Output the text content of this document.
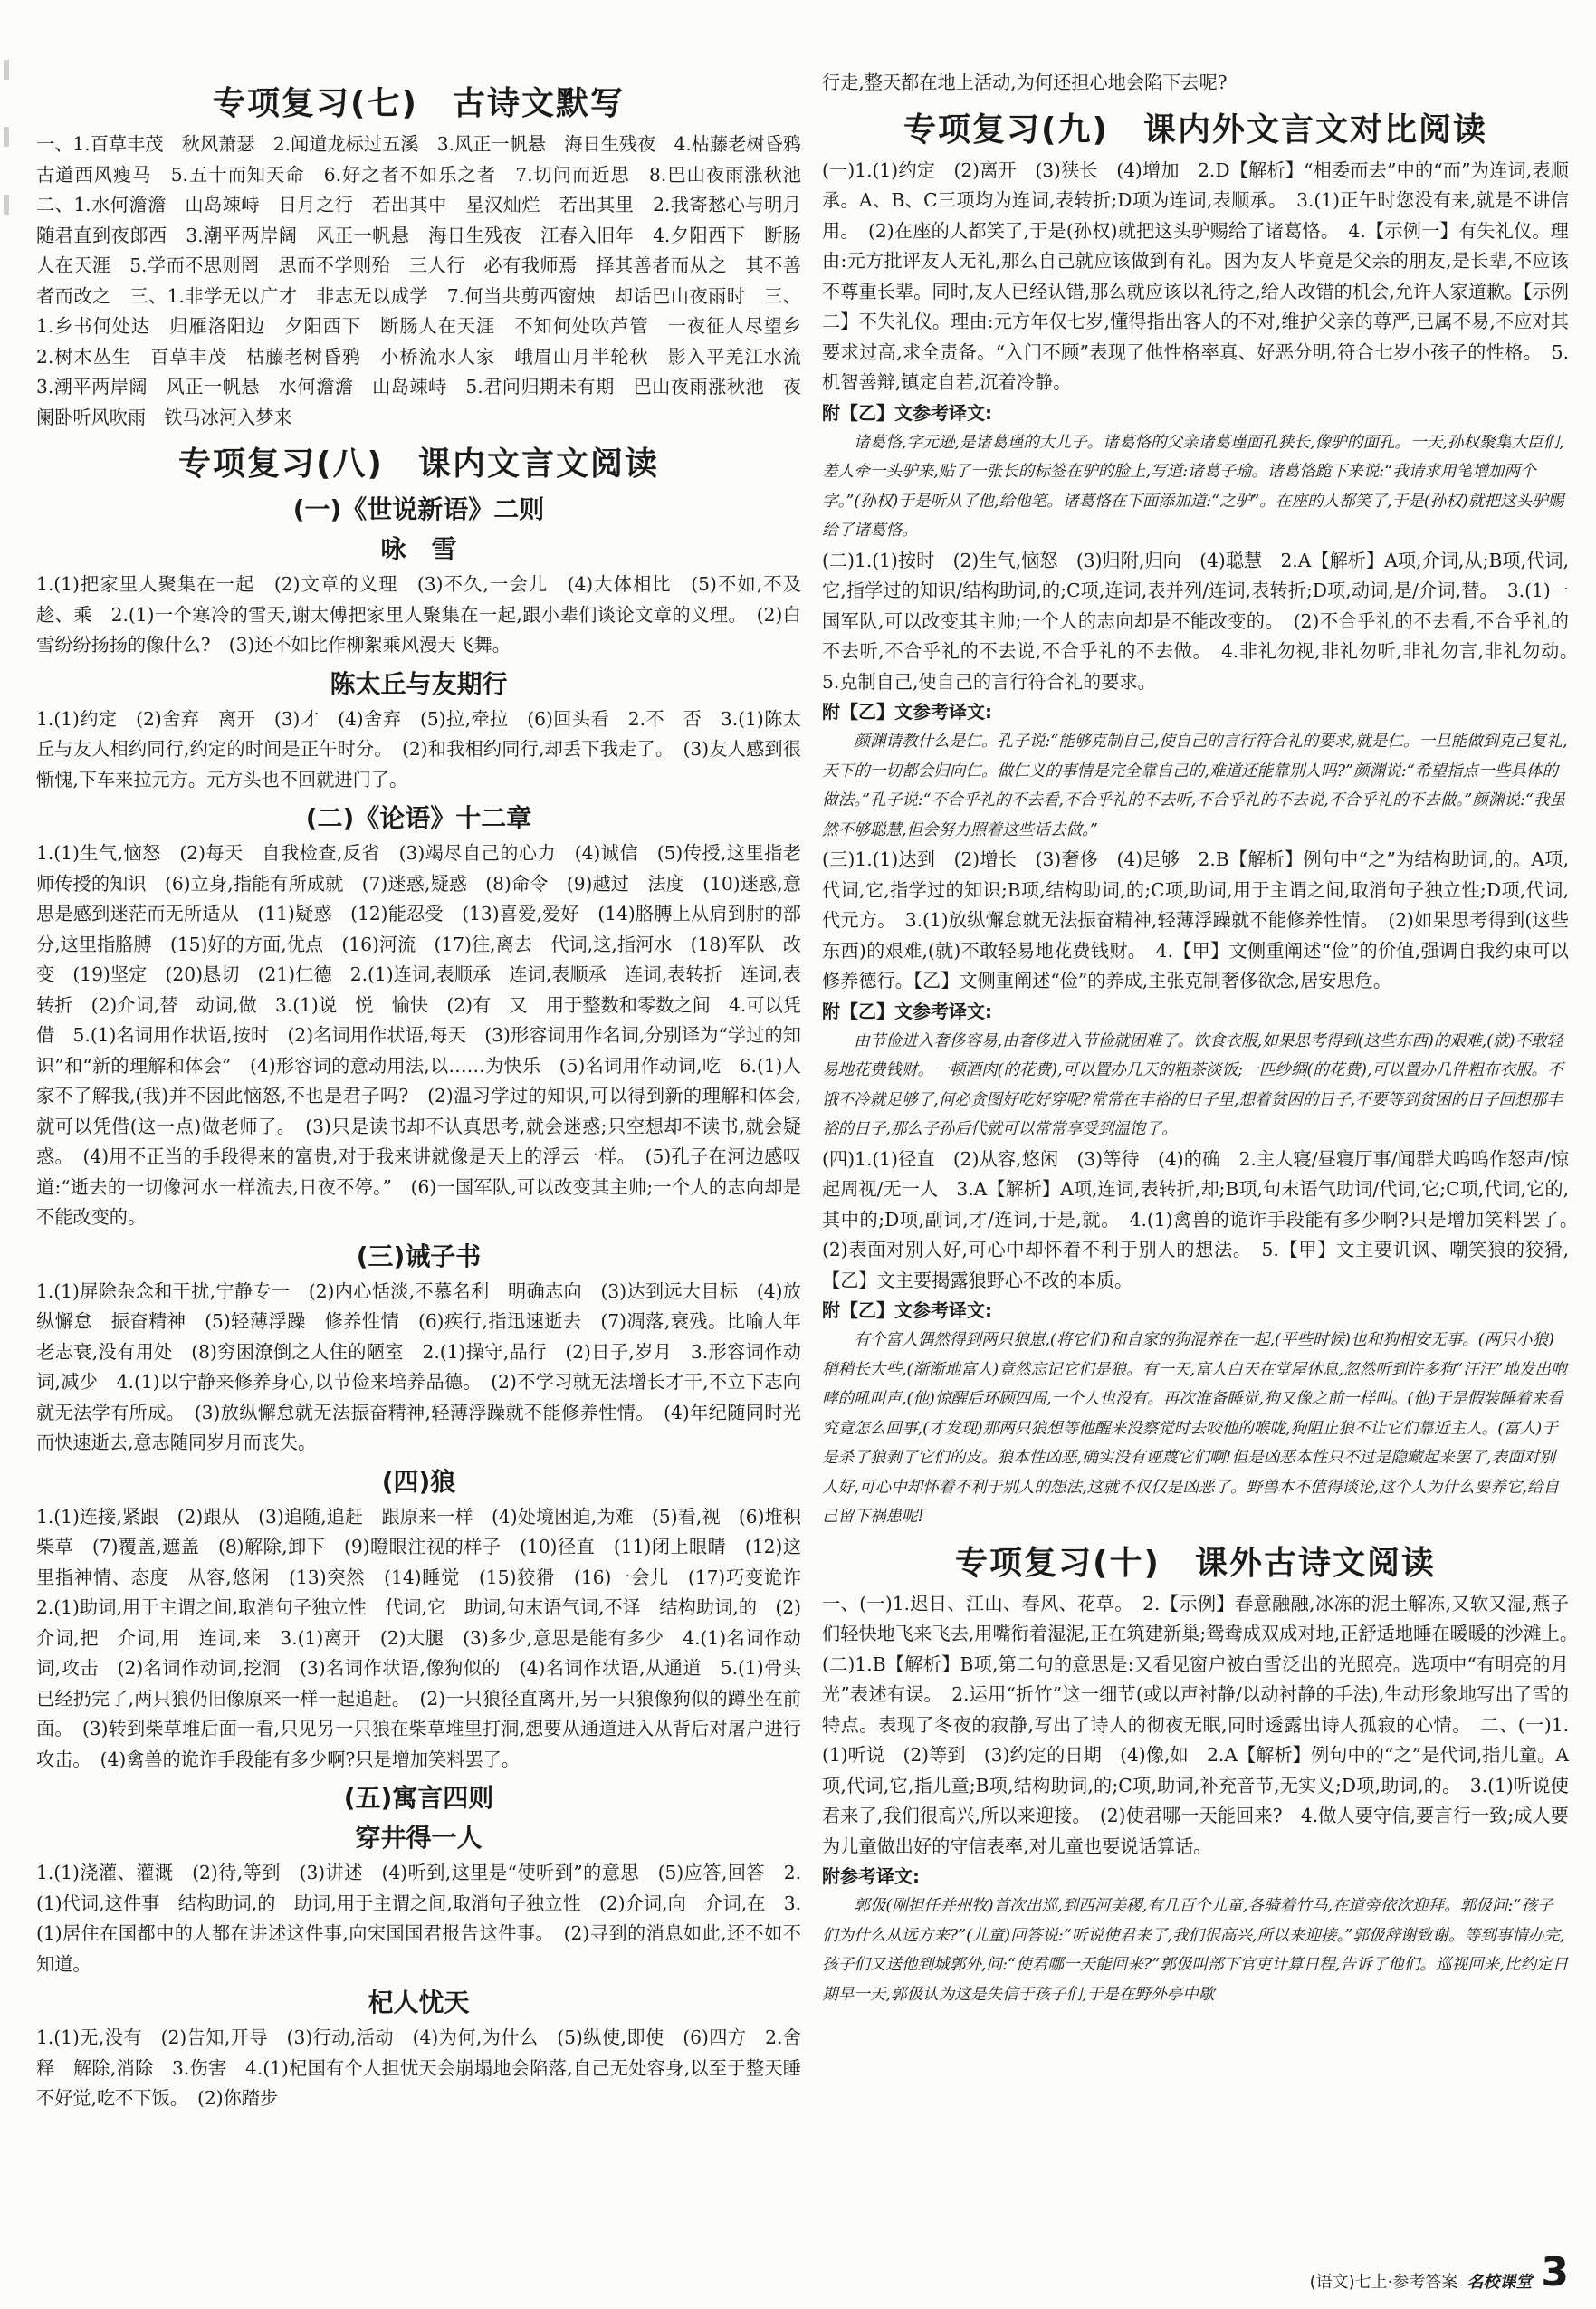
专项复习(七)　古诗文默写

一、1.百草丰茂　秋风萧瑟　2.闻道龙标过五溪　3.风正一帆悬　海日生残夜　4.枯藤老树昏鸦　古道西风瘦马　5.五十而知天命　6.好之者不如乐之者　7.切问而近思　8.巴山夜雨涨秋池　二、1.水何澹澹　山岛竦峙　日月之行　若出其中　星汉灿烂　若出其里　2.我寄愁心与明月　随君直到夜郎西　3.潮平两岸阔　风正一帆悬　海日生残夜　江春入旧年　4.夕阳西下　断肠人在天涯　5.学而不思则罔　思而不学则殆　三人行　必有我师焉　择其善者而从之　其不善者而改之　三、1.非学无以广才　非志无以成学　7.何当共剪西窗烛　却话巴山夜雨时　三、1.乡书何处达　归雁洛阳边　夕阳西下　断肠人在天涯　不知何处吹芦管　一夜征人尽望乡　2.树木丛生　百草丰茂　枯藤老树昏鸦　小桥流水人家　峨眉山月半轮秋　影入平羌江水流　3.潮平两岸阔　风正一帆悬　水何澹澹　山岛竦峙　5.君问归期未有期　巴山夜雨涨秋池　夜阑卧听风吹雨　铁马冰河入梦来

专项复习(八)　课内文言文阅读
(一)《世说新语》二则
咏　雪

1.(1)把家里人聚集在一起　(2)文章的义理　(3)不久,一会儿　(4)大体相比　(5)不如,不及　趁、乘　2.(1)一个寒冷的雪天,谢太傅把家里人聚集在一起,跟小辈们谈论文章的义理。　(2)白雪纷纷扬扬的像什么?　(3)还不如比作柳絮乘风漫天飞舞。

陈太丘与友期行

1.(1)约定　(2)舍弃　离开　(3)才　(4)舍弃　(5)拉,牵拉　(6)回头看　2.不　否　3.(1)陈太丘与友人相约同行,约定的时间是正午时分。　(2)和我相约同行,却丢下我走了。　(3)友人感到很惭愧,下车来拉元方。元方头也不回就进门了。

(二)《论语》十二章

1.(1)生气,恼怒　(2)每天　自我检查,反省　(3)竭尽自己的心力　(4)诚信　(5)传授,这里指老师传授的知识　(6)立身,指能有所成就　(7)迷惑,疑惑　(8)命令　(9)越过　法度　(10)迷惑,意思是感到迷茫而无所适从　(11)疑惑　(12)能忍受　(13)喜爱,爱好　(14)胳膊上从肩到肘的部分,这里指胳膊　(15)好的方面,优点　(16)河流　(17)往,离去　代词,这,指河水　(18)军队　改变　(19)坚定　(20)恳切　(21)仁德　2.(1)连词,表顺承　连词,表顺承　连词,表转折　连词,表转折　(2)介词,替　动词,做　3.(1)说　悦　愉快　(2)有　又　用于整数和零数之间　4.可以凭借　5.(1)名词用作状语,按时　(2)名词用作状语,每天　(3)形容词用作名词,分别译为“学过的知识”和“新的理解和体会”　(4)形容词的意动用法,以……为快乐　(5)名词用作动词,吃　6.(1)人家不了解我,(我)并不因此恼怒,不也是君子吗?　(2)温习学过的知识,可以得到新的理解和体会,就可以凭借(这一点)做老师了。　(3)只是读书却不认真思考,就会迷惑;只空想却不读书,就会疑惑。　(4)用不正当的手段得来的富贵,对于我来讲就像是天上的浮云一样。　(5)孔子在河边感叹道:“逝去的一切像河水一样流去,日夜不停。”　(6)一国军队,可以改变其主帅;一个人的志向却是不能改变的。

(三)诫子书

1.(1)屏除杂念和干扰,宁静专一　(2)内心恬淡,不慕名利　明确志向　(3)达到远大目标　(4)放纵懈怠　振奋精神　(5)轻薄浮躁　修养性情　(6)疾行,指迅速逝去　(7)凋落,衰残。比喻人年老志衰,没有用处　(8)穷困潦倒之人住的陋室　2.(1)操守,品行　(2)日子,岁月　3.形容词作动词,减少　4.(1)以宁静来修养身心,以节俭来培养品德。　(2)不学习就无法增长才干,不立下志向就无法学有所成。　(3)放纵懈怠就无法振奋精神,轻薄浮躁就不能修养性情。　(4)年纪随同时光而快速逝去,意志随同岁月而丧失。

(四)狼

1.(1)连接,紧跟　(2)跟从　(3)追随,追赶　跟原来一样　(4)处境困迫,为难　(5)看,视　(6)堆积柴草　(7)覆盖,遮盖　(8)解除,卸下　(9)瞪眼注视的样子　(10)径直　(11)闭上眼睛　(12)这里指神情、态度　从容,悠闲　(13)突然　(14)睡觉　(15)狡猾　(16)一会儿　(17)巧变诡诈　2.(1)助词,用于主谓之间,取消句子独立性　代词,它　助词,句末语气词,不译　结构助词,的　(2)介词,把　介词,用　连词,来　3.(1)离开　(2)大腿　(3)多少,意思是能有多少　4.(1)名词作动词,攻击　(2)名词作动词,挖洞　(3)名词作状语,像狗似的　(4)名词作状语,从通道　5.(1)骨头已经扔完了,两只狼仍旧像原来一样一起追赶。　(2)一只狼径直离开,另一只狼像狗似的蹲坐在前面。　(3)转到柴草堆后面一看,只见另一只狼在柴草堆里打洞,想要从通道进入从背后对屠户进行攻击。　(4)禽兽的诡诈手段能有多少啊?只是增加笑料罢了。

(五)寓言四则
穿井得一人

1.(1)浇灌、灌溉　(2)待,等到　(3)讲述　(4)听到,这里是“使听到”的意思　(5)应答,回答　2.(1)代词,这件事　结构助词,的　助词,用于主谓之间,取消句子独立性　(2)介词,向　介词,在　3.(1)居住在国都中的人都在讲述这件事,向宋国国君报告这件事。　(2)寻到的消息如此,还不如不知道。

杞人忧天

1.(1)无,没有　(2)告知,开导　(3)行动,活动　(4)为何,为什么　(5)纵使,即使　(6)四方　2.舍　释　解除,消除　3.伤害　4.(1)杞国有个人担忧天会崩塌地会陷落,自己无处容身,以至于整天睡不好觉,吃不下饭。　(2)你踏步

行走,整天都在地上活动,为何还担心地会陷下去呢?

专项复习(九)　课内外文言文对比阅读

(一)1.(1)约定　(2)离开　(3)狭长　(4)增加　2.D【解析】“相委而去”中的“而”为连词,表顺承。A、B、C三项均为连词,表转折;D项为连词,表顺承。　3.(1)正午时您没有来,就是不讲信用。　(2)在座的人都笑了,于是(孙权)就把这头驴赐给了诸葛恪。　4.【示例一】有失礼仪。理由:元方批评友人无礼,那么自己就应该做到有礼。因为友人毕竟是父亲的朋友,是长辈,不应该不尊重长辈。同时,友人已经认错,那么就应该以礼待之,给人改错的机会,允许人家道歉。【示例二】不失礼仪。理由:元方年仅七岁,懂得指出客人的不对,维护父亲的尊严,已属不易,不应对其要求过高,求全责备。“入门不顾”表现了他性格率真、好恶分明,符合七岁小孩子的性格。　5.机智善辩,镇定自若,沉着冷静。

附【乙】文参考译文:

诸葛恪,字元逊,是诸葛瑾的大儿子。诸葛恪的父亲诸葛瑾面孔狭长,像驴的面孔。一天,孙权聚集大臣们,差人牵一头驴来,贴了一张长的标签在驴的脸上,写道:诸葛子瑜。诸葛恪跪下来说:“我请求用笔增加两个字。”(孙权)于是听从了他,给他笔。诸葛恪在下面添加道:“之驴”。在座的人都笑了,于是(孙权)就把这头驴赐给了诸葛恪。

(二)1.(1)按时　(2)生气,恼怒　(3)归附,归向　(4)聪慧　2.A【解析】A项,介词,从;B项,代词,它,指学过的知识/结构助词,的;C项,连词,表并列/连词,表转折;D项,动词,是/介词,替。　3.(1)一国军队,可以改变其主帅;一个人的志向却是不能改变的。　(2)不合乎礼的不去看,不合乎礼的不去听,不合乎礼的不去说,不合乎礼的不去做。　4.非礼勿视,非礼勿听,非礼勿言,非礼勿动。　5.克制自己,使自己的言行符合礼的要求。

附【乙】文参考译文:

颜渊请教什么是仁。孔子说:“能够克制自己,使自己的言行符合礼的要求,就是仁。一旦能做到克己复礼,天下的一切都会归向仁。做仁义的事情是完全靠自己的,难道还能靠别人吗?”颜渊说:“希望指点一些具体的做法。”孔子说:“不合乎礼的不去看,不合乎礼的不去听,不合乎礼的不去说,不合乎礼的不去做。”颜渊说:“我虽然不够聪慧,但会努力照着这些话去做。”

(三)1.(1)达到　(2)增长　(3)奢侈　(4)足够　2.B【解析】例句中“之”为结构助词,的。A项,代词,它,指学过的知识;B项,结构助词,的;C项,助词,用于主谓之间,取消句子独立性;D项,代词,代元方。　3.(1)放纵懈怠就无法振奋精神,轻薄浮躁就不能修养性情。　(2)如果思考得到(这些东西)的艰难,(就)不敢轻易地花费钱财。　4.【甲】文侧重阐述“俭”的价值,强调自我约束可以修养德行。【乙】文侧重阐述“俭”的养成,主张克制奢侈欲念,居安思危。

附【乙】文参考译文:

由节俭进入奢侈容易,由奢侈进入节俭就困难了。饮食衣服,如果思考得到(这些东西)的艰难,(就)不敢轻易地花费钱财。一顿酒肉(的花费),可以置办几天的粗茶淡饭;一匹纱绸(的花费),可以置办几件粗布衣服。不饿不冷就足够了,何必贪图好吃好穿呢?常常在丰裕的日子里,想着贫困的日子,不要等到贫困的日子回想那丰裕的日子,那么子孙后代就可以常常享受到温饱了。

(四)1.(1)径直　(2)从容,悠闲　(3)等待　(4)的确　2.主人寝/昼寝厅事/闻群犬呜呜作怒声/惊起周视/无一人　3.A【解析】A项,连词,表转折,却;B项,句末语气助词/代词,它;C项,代词,它的,其中的;D项,副词,才/连词,于是,就。　4.(1)禽兽的诡诈手段能有多少啊?只是增加笑料罢了。　(2)表面对别人好,可心中却怀着不利于别人的想法。　5.【甲】文主要讥讽、嘲笑狼的狡猾,【乙】文主要揭露狼野心不改的本质。

附【乙】文参考译文:

有个富人偶然得到两只狼崽,(将它们)和自家的狗混养在一起,(平些时候)也和狗相安无事。(两只小狼)稍稍长大些,(渐渐地富人)竟然忘记它们是狼。有一天,富人白天在堂屋休息,忽然听到许多狗“汪汪”地发出咆哮的吼叫声,(他)惊醒后环顾四周,一个人也没有。再次准备睡觉,狗又像之前一样叫。(他)于是假装睡着来看究竟怎么回事,(才发现)那两只狼想等他醒来没察觉时去咬他的喉咙,狗阻止狼不让它们靠近主人。(富人)于是杀了狼剥了它们的皮。狼本性凶恶,确实没有诬蔑它们啊!但是凶恶本性只不过是隐藏起来罢了,表面对别人好,可心中却怀着不利于别人的想法,这就不仅仅是凶恶了。野兽本不值得谈论,这个人为什么要养它,给自己留下祸患呢!

专项复习(十)　课外古诗文阅读

一、(一)1.迟日、江山、春风、花草。　2.【示例】春意融融,冰冻的泥土解冻,又软又湿,燕子们轻快地飞来飞去,用嘴衔着湿泥,正在筑建新巢;鸳鸯成双成对地,正舒适地睡在暖暖的沙滩上。　(二)1.B【解析】B项,第二句的意思是:又看见窗户被白雪泛出的光照亮。选项中“有明亮的月光”表述有误。　2.运用“折竹”这一细节(或以声衬静/以动衬静的手法),生动形象地写出了雪的特点。表现了冬夜的寂静,写出了诗人的彻夜无眠,同时透露出诗人孤寂的心情。　二、(一)1.(1)听说　(2)等到　(3)约定的日期　(4)像,如　2.A【解析】例句中的“之”是代词,指儿童。A项,代词,它,指儿童;B项,结构助词,的;C项,助词,补充音节,无实义;D项,助词,的。　3.(1)听说使君来了,我们很高兴,所以来迎接。　(2)使君哪一天能回来?　4.做人要守信,要言行一致;成人要为儿童做出好的守信表率,对儿童也要说话算话。

附参考译文:

郭伋(刚担任并州牧)首次出巡,到西河美稷,有几百个儿童,各骑着竹马,在道旁依次迎拜。郭伋问:“孩子们为什么从远方来?”(儿童)回答说:“听说使君来了,我们很高兴,所以来迎接。”郭伋辞谢致谢。等到事情办完,孩子们又送他到城郭外,问:“使君哪一天能回来?”郭伋叫部下官吏计算日程,告诉了他们。巡视回来,比约定日期早一天,郭伋认为这是失信于孩子们,于是在野外亭中歇

(语文)七上·参考答案 名校课堂 3
